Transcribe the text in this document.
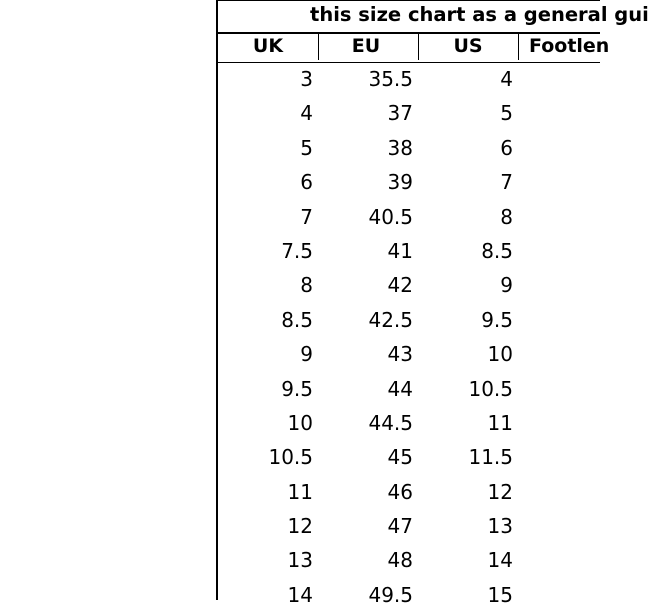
this size chart as a general gui
UK	EU	US	Footlen
3	35.5	4
4	37	5
5	38	6
6	39	7
7	40.5	8
7.5	41	8.5
8	42	9
8.5	42.5	9.5
9	43	10
9.5	44	10.5
10	44.5	11
10.5	45	11.5
11	46	12
12	47	13
13	48	14
14	49.5	15
